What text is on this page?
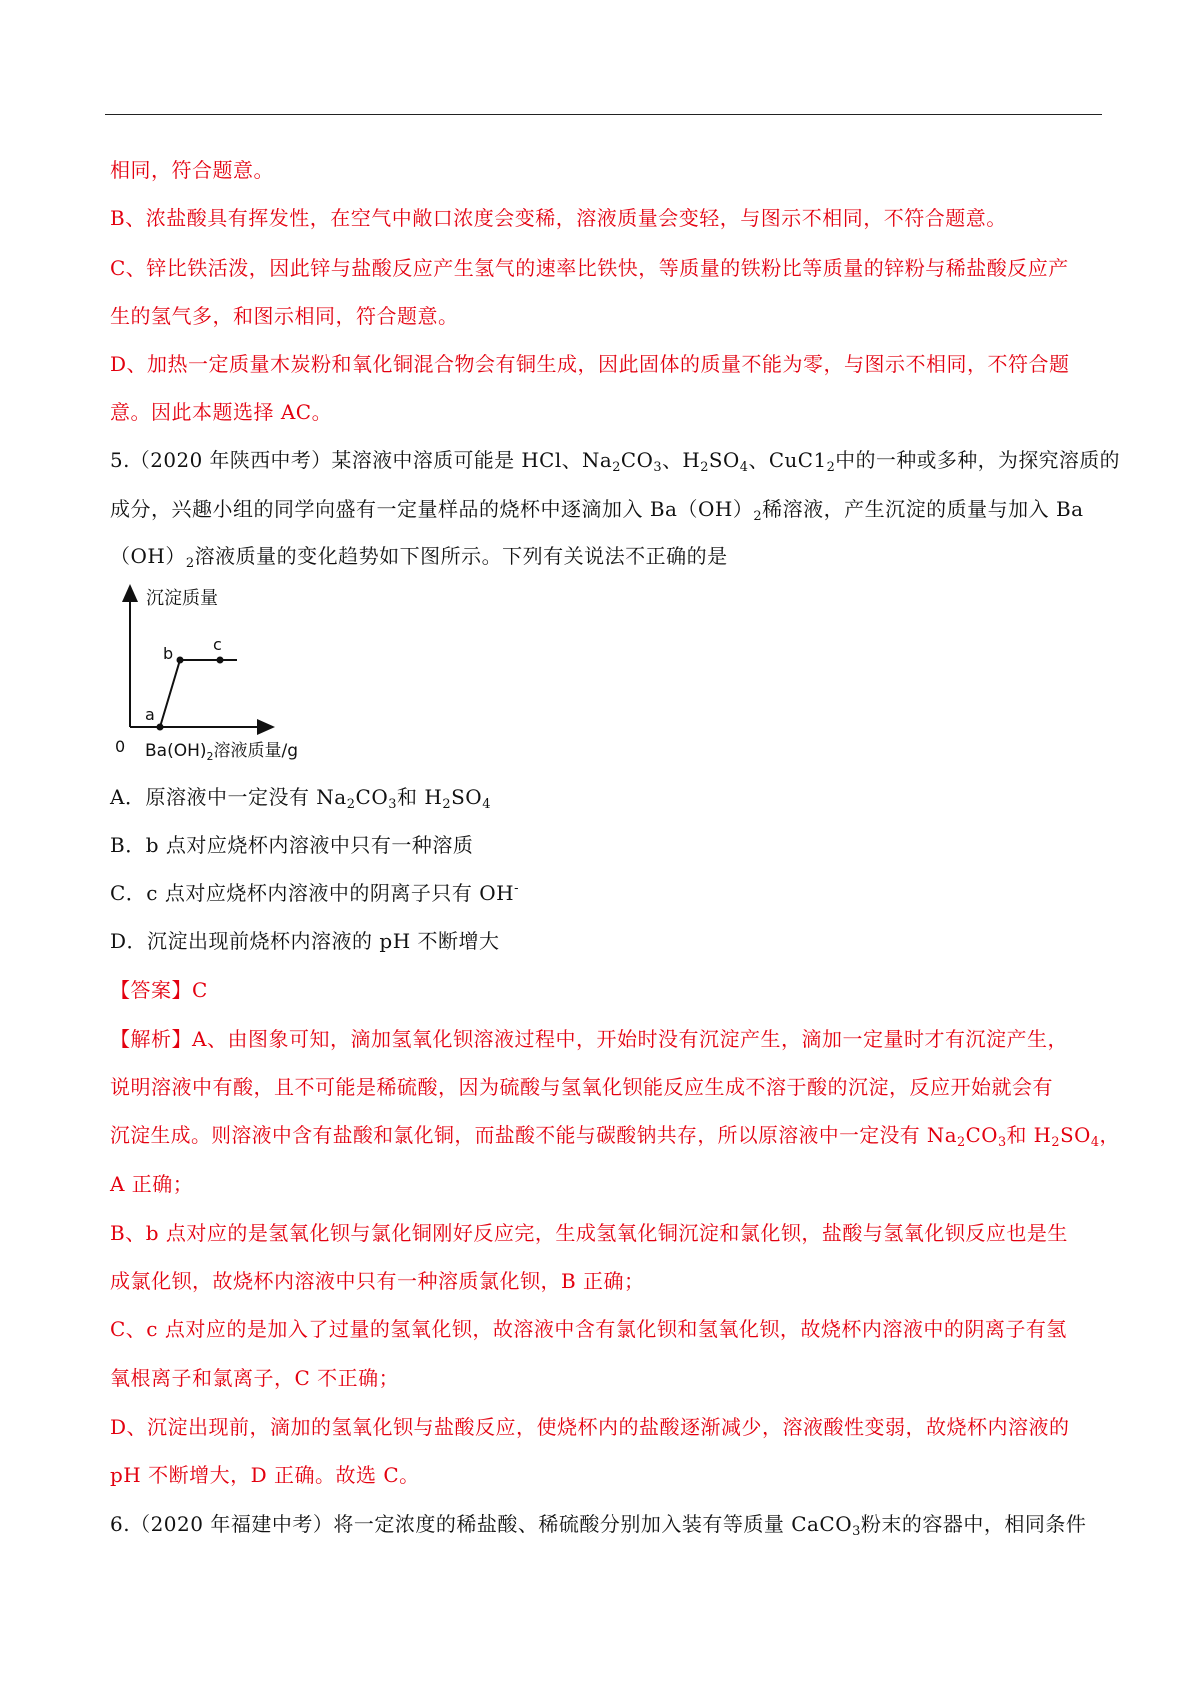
相同，符合题意。
B、浓盐酸具有挥发性，在空气中敞口浓度会变稀，溶液质量会变轻，与图示不相同，不符合题意。
C、锌比铁活泼，因此锌与盐酸反应产生氢气的速率比铁快，等质量的铁粉比等质量的锌粉与稀盐酸反应产
生的氢气多，和图示相同，符合题意。
D、加热一定质量木炭粉和氧化铜混合物会有铜生成，因此固体的质量不能为零，与图示不相同，不符合题
意。因此本题选择 AC。
5.（2020 年陕西中考）某溶液中溶质可能是 HCl、$Na_2CO_3$、$H_2SO_4$、$CuC1_2$中的一种或多种，为探究溶质的
成分，兴趣小组的同学向盛有一定量样品的烧杯中逐滴加入 $Ba(OH)_2$稀溶液，产生沉淀的质量与加入 Ba
$(OH)_2$溶液质量的变化趋势如下图所示。下列有关说法不正确的是
沉淀质量
a
b c
0 $Ba(OH)_2$溶液质量/g
A．原溶液中一定没有 $Na_2CO_3$和 $H_2SO_4$
B．b 点对应烧杯内溶液中只有一种溶质
C．c 点对应烧杯内溶液中的阴离子只有 OH-
D．沉淀出现前烧杯内溶液的 pH 不断增大
【答案】C
【解析】A、由图象可知，滴加氢氧化钡溶液过程中，开始时没有沉淀产生，滴加一定量时才有沉淀产生，
说明溶液中有酸，且不可能是稀硫酸，因为硫酸与氢氧化钡能反应生成不溶于酸的沉淀，反应开始就会有
沉淀生成。则溶液中含有盐酸和氯化铜，而盐酸不能与碳酸钠共存，所以原溶液中一定没有 $Na_2CO_3$和 $H_2SO_4$，
A 正确；
B、b 点对应的是氢氧化钡与氯化铜刚好反应完，生成氢氧化铜沉淀和氯化钡，盐酸与氢氧化钡反应也是生
成氯化钡，故烧杯内溶液中只有一种溶质氯化钡，B 正确；
C、c 点对应的是加入了过量的氢氧化钡，故溶液中含有氯化钡和氢氧化钡，故烧杯内溶液中的阴离子有氢
氧根离子和氯离子，C 不正确；
D、沉淀出现前，滴加的氢氧化钡与盐酸反应，使烧杯内的盐酸逐渐减少，溶液酸性变弱，故烧杯内溶液的
pH 不断增大，D 正确。故选 C。
6.（2020 年福建中考）将一定浓度的稀盐酸、稀硫酸分别加入装有等质量 CaCO$_3$粉末的容器中，相同条件
